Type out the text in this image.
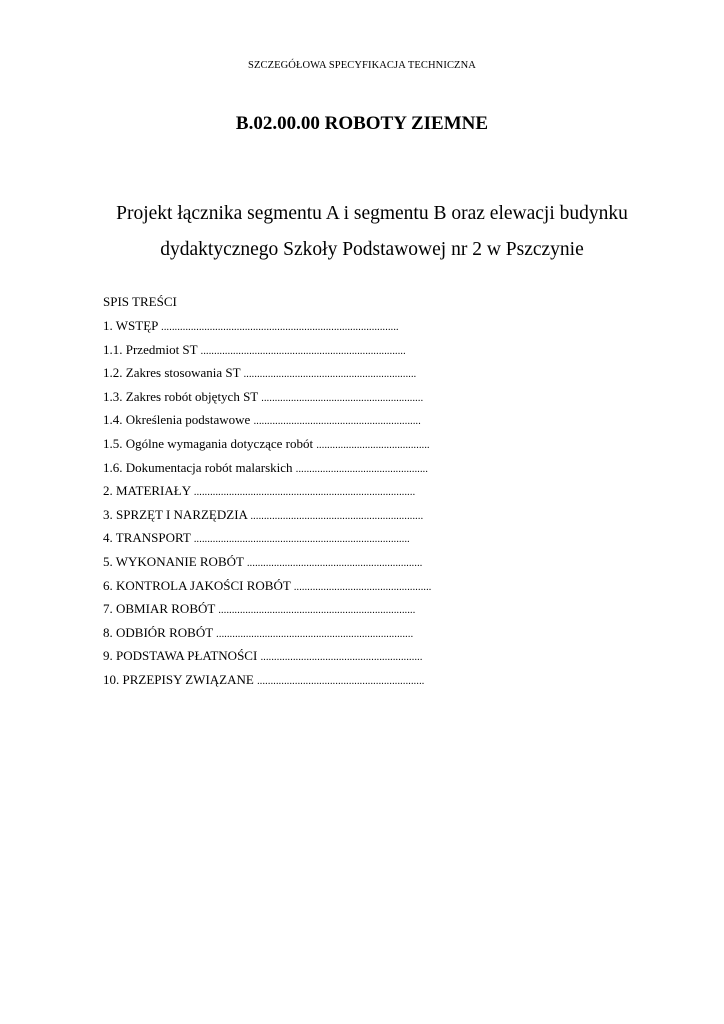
SZCZEGÓŁOWA SPECYFIKACJA TECHNICZNA
B.02.00.00 ROBOTY ZIEMNE
Projekt łącznika segmentu A i segmentu B oraz elewacji budynku
dydaktycznego Szkoły Podstawowej nr 2 w Pszczynie
SPIS TREŚCI
1. WSTĘP ........................................................................................
1.1. Przedmiot ST ............................................................................
1.2. Zakres stosowania ST ................................................................
1.3. Zakres robót objętych ST ............................................................
1.4. Określenia podstawowe ..............................................................
1.5. Ogólne wymagania dotyczące robót ..........................................
1.6. Dokumentacja robót malarskich .................................................
2. MATERIAŁY ..................................................................................
3. SPRZĘT I NARZĘDZIA ................................................................
4. TRANSPORT ................................................................................
5. WYKONANIE ROBÓT .................................................................
6. KONTROLA JAKOŚCI ROBÓT ...................................................
7. OBMIAR ROBÓT .........................................................................
8. ODBIÓR ROBÓT .........................................................................
9. PODSTAWA PŁATNOŚCI ............................................................
10. PRZEPISY ZWIĄZANE ..............................................................
